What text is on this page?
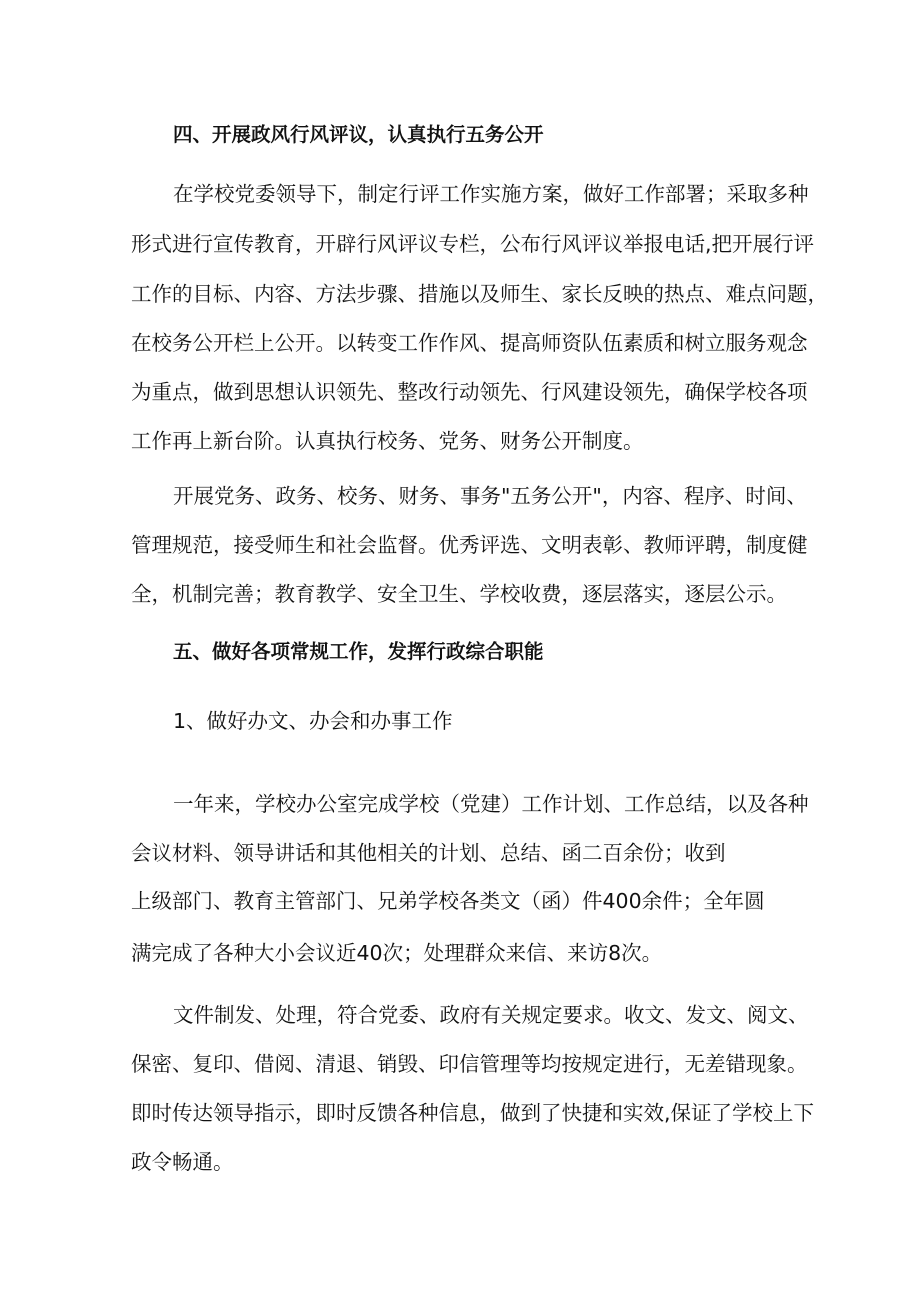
四、开展政风行风评议，认真执行五务公开

在学校党委领导下，制定行评工作实施方案，做好工作部署；采取多种

形式进行宣传教育，开辟行风评议专栏，公布行风评议举报电话,把开展行评

工作的目标、内容、方法步骤、措施以及师生、家长反映的热点、难点问题，

在校务公开栏上公开。以转变工作作风、提高师资队伍素质和树立服务观念

为重点，做到思想认识领先、整改行动领先、行风建设领先，确保学校各项

工作再上新台阶。认真执行校务、党务、财务公开制度。

开展党务、政务、校务、财务、事务"五务公开"，内容、程序、时间、

管理规范，接受师生和社会监督。优秀评选、文明表彰、教师评聘，制度健

全，机制完善；教育教学、安全卫生、学校收费，逐层落实，逐层公示。

五、做好各项常规工作，发挥行政综合职能
1、做好办文、办会和办事工作

一年来，学校办公室完成学校（党建）工作计划、工作总结，以及各种

会议材料、领导讲话和其他相关的计划、总结、函二百余份；收到

上级部门、教育主管部门、兄弟学校各类文（函）件400余件；全年圆

满完成了各种大小会议近40次；处理群众来信、来访8次。

文件制发、处理，符合党委、政府有关规定要求。收文、发文、阅文、

保密、复印、借阅、清退、销毁、印信管理等均按规定进行，无差错现象。

即时传达领导指示，即时反馈各种信息，做到了快捷和实效,保证了学校上下

政令畅通。
